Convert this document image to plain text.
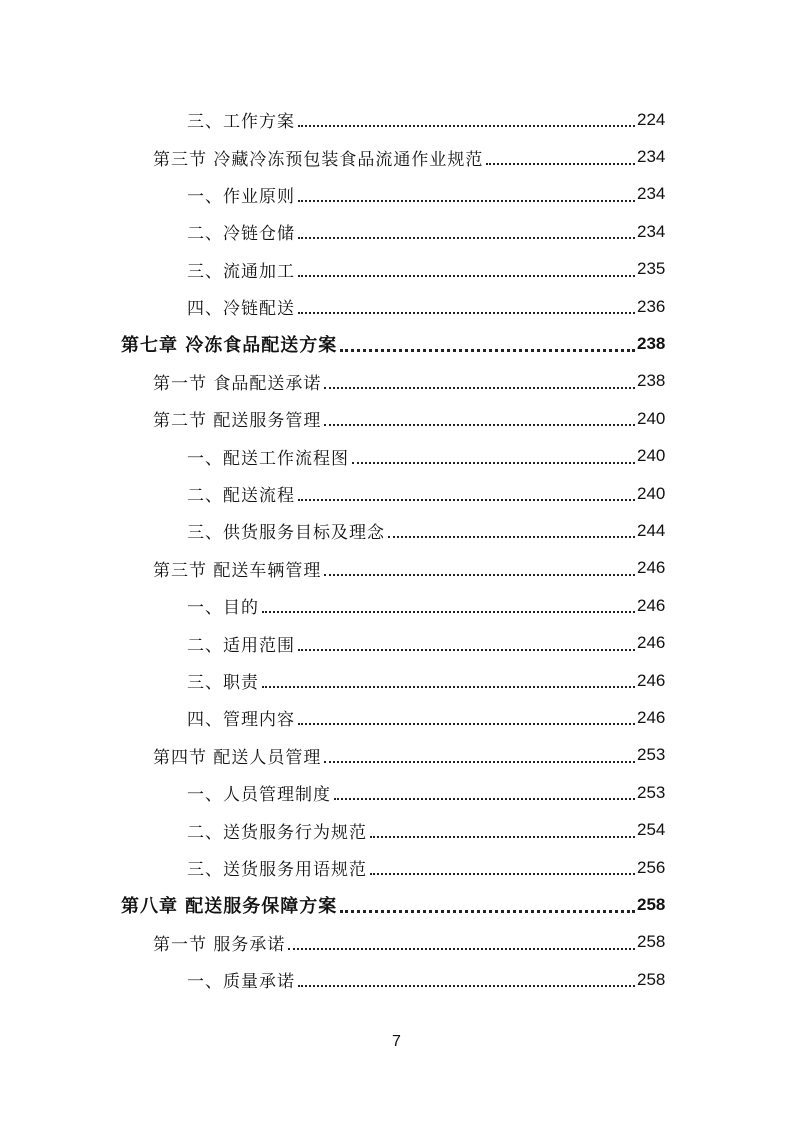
三、工作方案	224
第三节 冷藏冷冻预包装食品流通作业规范	234
一、作业原则	234
二、冷链仓储	234
三、流通加工	235
四、冷链配送	236
第七章 冷冻食品配送方案	238
第一节 食品配送承诺	238
第二节 配送服务管理	240
一、配送工作流程图	240
二、配送流程	240
三、供货服务目标及理念	244
第三节 配送车辆管理	246
一、目的	246
二、适用范围	246
三、职责	246
四、管理内容	246
第四节 配送人员管理	253
一、人员管理制度	253
二、送货服务行为规范	254
三、送货服务用语规范	256
第八章 配送服务保障方案	258
第一节 服务承诺	258
一、质量承诺	258
7
